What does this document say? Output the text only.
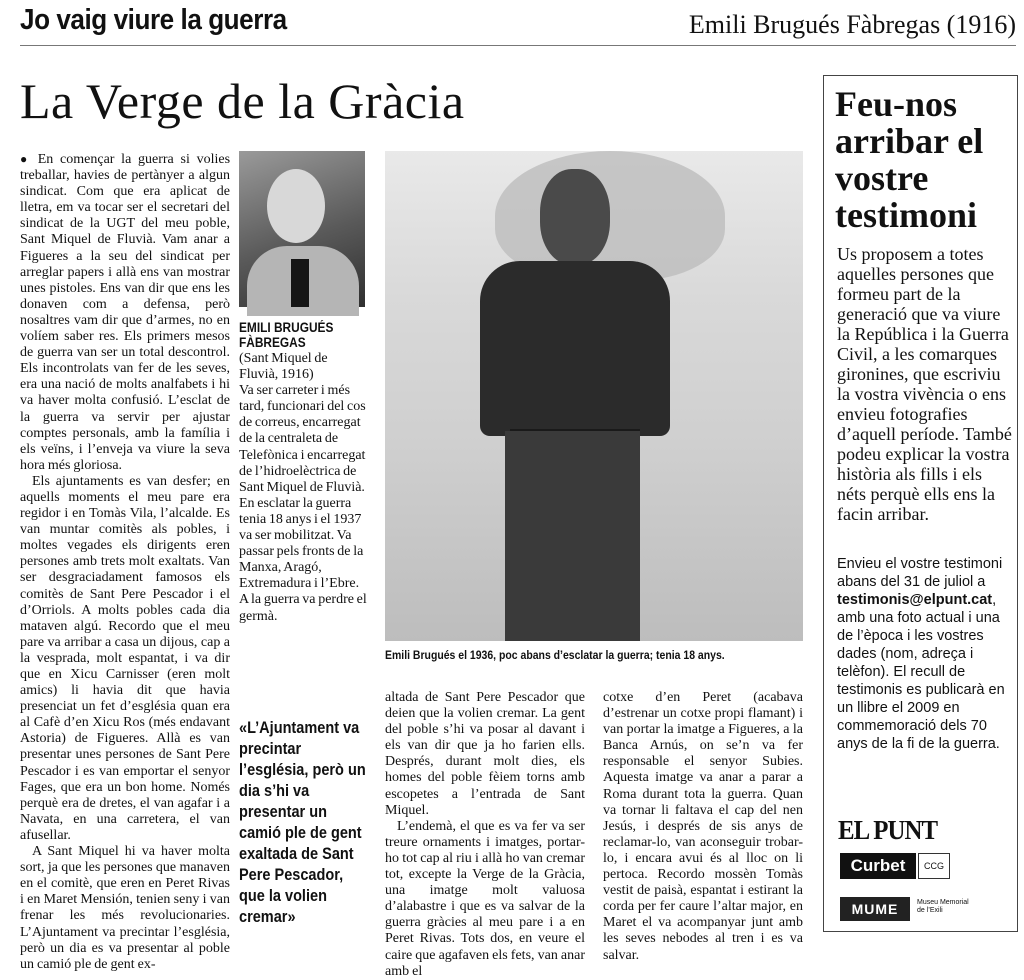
Jo vaig viure la guerra	Emili Brugués Fàbregas (1916)
La Verge de la Gràcia

● En començar la guerra si volies treballar, havies de pertànyer a algun sindicat. Com que era aplicat de lletra, em va tocar ser el secretari del sindicat de la UGT del meu poble, Sant Miquel de Fluvià. Vam anar a Figueres a la seu del sindicat per arreglar papers i allà ens van mostrar unes pistoles. Ens van dir que ens les donaven com a defensa, però nosaltres vam dir que d’armes, no en volíem saber res. Els primers mesos de guerra van ser un total descontrol. Els incontrolats van fer de les seves, era una nació de molts analfabets i hi va haver molta confusió. L’esclat de la guerra va servir per ajustar comptes personals, amb la família i els veïns, i l’enveja va viure la seva hora més gloriosa.

Els ajuntaments es van desfer; en aquells moments el meu pare era regidor i en Tomàs Vila, l’alcalde. Es van muntar comitès als pobles, i moltes vegades els dirigents eren persones amb trets molt exaltats. Van ser desgraciadament famosos els comitès de Sant Pere Pescador i el d’Orriols. A molts pobles cada dia mataven algú. Recordo que el meu pare va arribar a casa un dijous, cap a la vesprada, molt espantat, i va dir que en Xicu Carnisser (eren molt amics) li havia dit que havia presenciat un fet d’església quan era al Cafè d’en Xicu Ros (més endavant Astoria) de Figueres. Allà es van presentar unes persones de Sant Pere Pescador i es van emportar el senyor Fages, que era un bon home. Només perquè era de dretes, el van agafar i a Navata, en una carretera, el van afusellar.

A Sant Miquel hi va haver molta sort, ja que les persones que manaven en el comitè, que eren en Peret Rivas i en Maret Mensión, tenien seny i van frenar les més revolucionaries. L’Ajuntament va precintar l’església, però un dia es va presentar al poble un camió ple de gent ex-

EMILI BRUGUÉS FÀBREGAS
(Sant Miquel de Fluvià, 1916)
Va ser carreter i més tard, funcionari del cos de correus, encarregat de la centraleta de Telefònica i encarregat de l’hidroelèctrica de Sant Miquel de Fluvià. En esclatar la guerra tenia 18 anys i el 1937 va ser mobilitzat. Va passar pels fronts de la Manxa, Aragó, Extremadura i l’Ebre. A la guerra va perdre el germà.
Emili Brugués el 1936, poc abans d’esclatar la guerra; tenia 18 anys.
«L’Ajuntament va precintar l’església, però un dia s’hi va presentar un camió ple de gent exaltada de Sant Pere Pescador, que la volien cremar»

altada de Sant Pere Pescador que deien que la volien cremar. La gent del poble s’hi va posar al davant i els van dir que ja ho farien ells. Després, durant molt dies, els homes del poble fèiem torns amb escopetes a l’entrada de Sant Miquel.

L’endemà, el que es va fer va ser treure ornaments i imatges, portar-ho tot cap al riu i allà ho van cremar tot, excepte la Verge de la Gràcia, una imatge molt valuosa d’alabastre i que es va salvar de la guerra gràcies al meu pare i a en Peret Rivas. Tots dos, en veure el caire que agafaven els fets, van anar amb el

cotxe d’en Peret (acabava d’estrenar un cotxe propi flamant) i van portar la imatge a Figueres, a la Banca Arnús, on se’n va fer responsable el senyor Subies. Aquesta imatge va anar a parar a Roma durant tota la guerra. Quan va tornar li faltava el cap del nen Jesús, i després de sis anys de reclamar-lo, van aconseguir trobar-lo, i encara avui és al lloc on li pertoca. Recordo mossèn Tomàs vestit de paisà, espantat i estirant la corda per fer caure l’altar major, en Maret el va acompanyar junt amb les seves nebodes al tren i es va salvar.

Feu-nos arribar el vostre testimoni
Us proposem a totes aquelles persones que formeu part de la generació que va viure la República i la Guerra Civil, a les comarques gironines, que escriviu la vostra vivència o ens envieu fotografies d’aquell període. També podeu explicar la vostra història als fills i els néts perquè ells ens la facin arribar.
Envieu el vostre testimoni abans del 31 de juliol a testimonis@elpunt.cat, amb una foto actual i una de l’època i les vostres dades (nom, adreça i telèfon). El recull de testimonis es publicarà en un llibre el 2009 en commemoració dels 70 anys de la fi de la guerra.
EL PUNT
Curbet	CCG
MUME	Museu Memorial
de l’Exili
